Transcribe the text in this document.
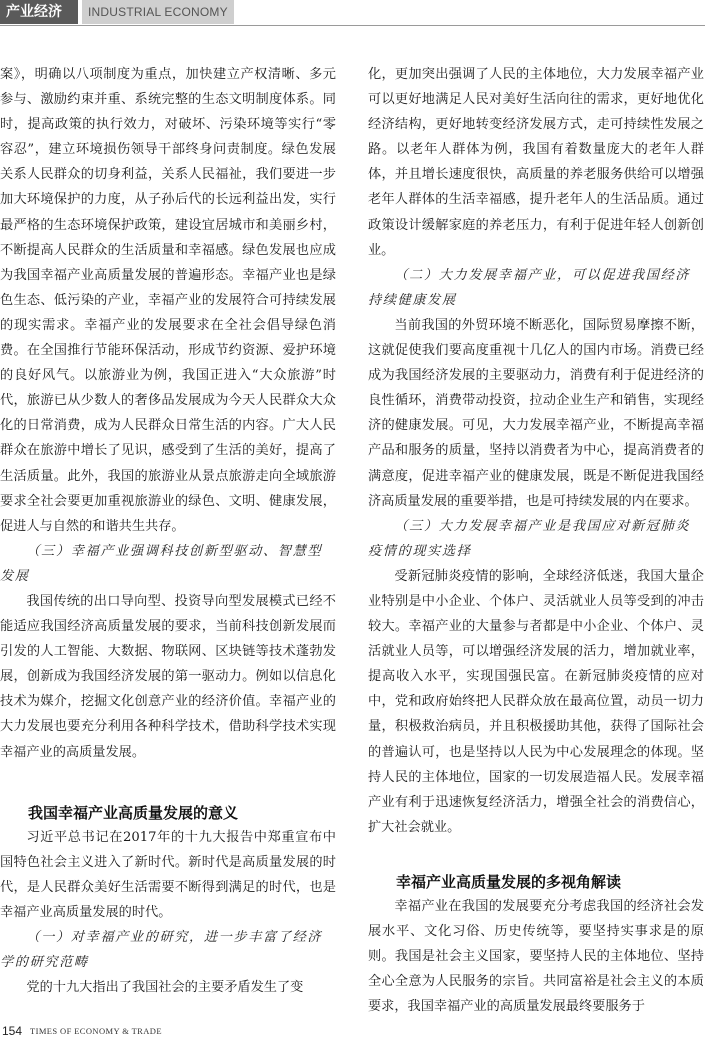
产业经济	INDUSTRIAL ECONOMY

案》，明确以八项制度为重点，加快建立产权清晰、多元参与、激励约束并重、系统完整的生态文明制度体系。同时，提高政策的执行效力，对破坏、污染环境等实行“零容忍”，建立环境损伤领导干部终身问责制度。绿色发展关系人民群众的切身利益，关系人民福祉，我们要进一步加大环境保护的力度，从子孙后代的长远利益出发，实行最严格的生态环境保护政策，建设宜居城市和美丽乡村，不断提高人民群众的生活质量和幸福感。绿色发展也应成为我国幸福产业高质量发展的普遍形态。幸福产业也是绿色生态、低污染的产业，幸福产业的发展符合可持续发展的现实需求。幸福产业的发展要求在全社会倡导绿色消费。在全国推行节能环保活动，形成节约资源、爱护环境的良好风气。以旅游业为例，我国正进入“大众旅游”时代，旅游已从少数人的奢侈品发展成为今天人民群众大众化的日常消费，成为人民群众日常生活的内容。广大人民群众在旅游中增长了见识，感受到了生活的美好，提高了生活质量。此外，我国的旅游业从景点旅游走向全域旅游要求全社会要更加重视旅游业的绿色、文明、健康发展，促进人与自然的和谐共生共存。

（三）幸福产业强调科技创新型驱动、智慧型发展

我国传统的出口导向型、投资导向型发展模式已经不能适应我国经济高质量发展的要求，当前科技创新发展而引发的人工智能、大数据、物联网、区块链等技术蓬勃发展，创新成为我国经济发展的第一驱动力。例如以信息化技术为媒介，挖掘文化创意产业的经济价值。幸福产业的大力发展也要充分利用各种科学技术，借助科学技术实现幸福产业的高质量发展。

我国幸福产业高质量发展的意义

习近平总书记在2017年的十九大报告中郑重宣布中国特色社会主义进入了新时代。新时代是高质量发展的时代，是人民群众美好生活需要不断得到满足的时代，也是幸福产业高质量发展的时代。

（一）对幸福产业的研究，进一步丰富了经济学的研究范畴

党的十九大指出了我国社会的主要矛盾发生了变

化，更加突出强调了人民的主体地位，大力发展幸福产业可以更好地满足人民对美好生活向往的需求，更好地优化经济结构，更好地转变经济发展方式，走可持续性发展之路。以老年人群体为例，我国有着数量庞大的老年人群体，并且增长速度很快，高质量的养老服务供给可以增强老年人群体的生活幸福感，提升老年人的生活品质。通过政策设计缓解家庭的养老压力，有利于促进年轻人创新创业。

（二）大力发展幸福产业，可以促进我国经济持续健康发展

当前我国的外贸环境不断恶化，国际贸易摩擦不断，这就促使我们要高度重视十几亿人的国内市场。消费已经成为我国经济发展的主要驱动力，消费有利于促进经济的良性循环，消费带动投资，拉动企业生产和销售，实现经济的健康发展。可见，大力发展幸福产业，不断提高幸福产品和服务的质量，坚持以消费者为中心，提高消费者的满意度，促进幸福产业的健康发展，既是不断促进我国经济高质量发展的重要举措，也是可持续发展的内在要求。

（三）大力发展幸福产业是我国应对新冠肺炎疫情的现实选择

受新冠肺炎疫情的影响，全球经济低迷，我国大量企业特别是中小企业、个体户、灵活就业人员等受到的冲击较大。幸福产业的大量参与者都是中小企业、个体户、灵活就业人员等，可以增强经济发展的活力，增加就业率，提高收入水平，实现国强民富。在新冠肺炎疫情的应对中，党和政府始终把人民群众放在最高位置，动员一切力量，积极救治病员，并且积极援助其他，获得了国际社会的普遍认可，也是坚持以人民为中心发展理念的体现。坚持人民的主体地位，国家的一切发展造福人民。发展幸福产业有利于迅速恢复经济活力，增强全社会的消费信心，扩大社会就业。

幸福产业高质量发展的多视角解读

幸福产业在我国的发展要充分考虑我国的经济社会发展水平、文化习俗、历史传统等，要坚持实事求是的原则。我国是社会主义国家，要坚持人民的主体地位、坚持全心全意为人民服务的宗旨。共同富裕是社会主义的本质要求，我国幸福产业的高质量发展最终要服务于

154 TIMES OF ECONOMY & TRADE
